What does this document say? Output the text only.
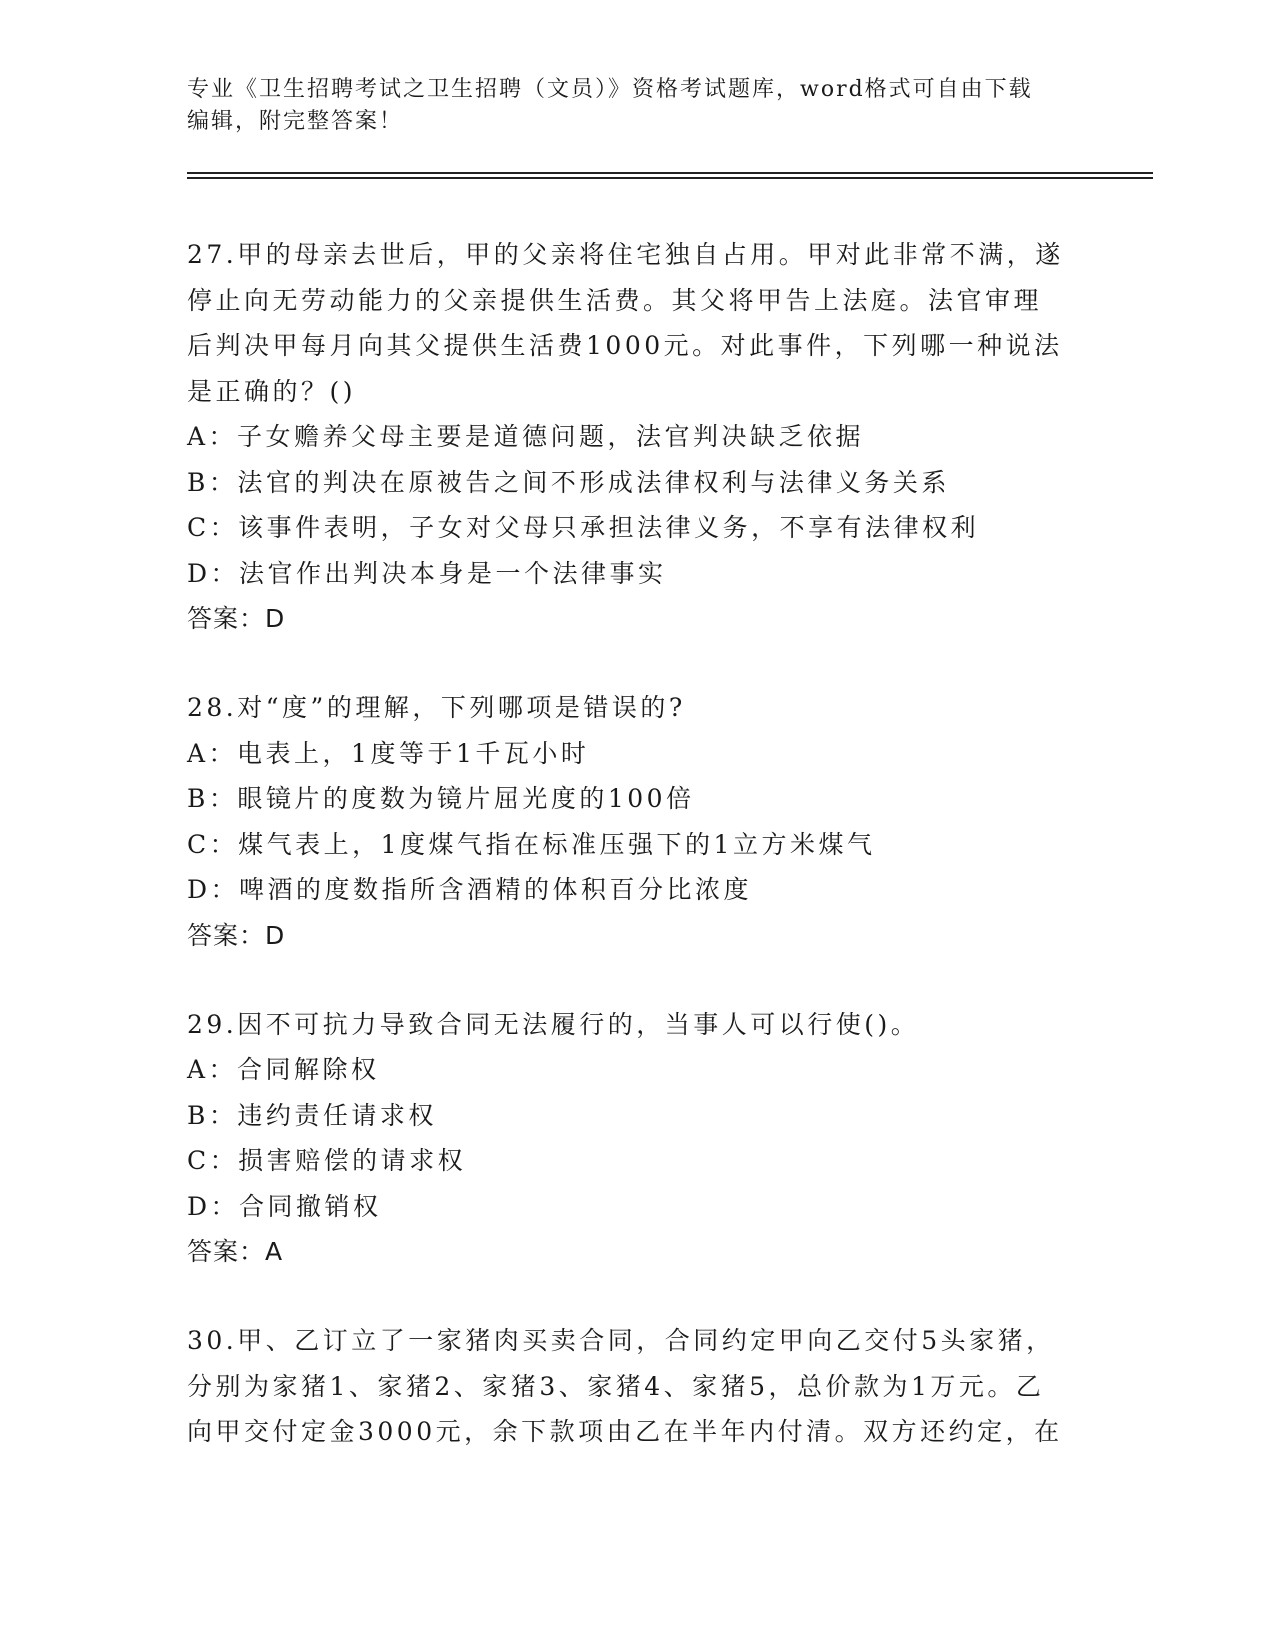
专业《卫生招聘考试之卫生招聘（文员）》资格考试题库，word格式可自由下载
编辑，附完整答案！
27.甲的母亲去世后，甲的父亲将住宅独自占用。甲对此非常不满，遂
停止向无劳动能力的父亲提供生活费。其父将甲告上法庭。法官审理
后判决甲每月向其父提供生活费1000元。对此事件，下列哪一种说法
是正确的？()
A：子女赡养父母主要是道德问题，法官判决缺乏依据
B：法官的判决在原被告之间不形成法律权利与法律义务关系
C：该事件表明，子女对父母只承担法律义务，不享有法律权利
D：法官作出判决本身是一个法律事实
答案：D
28.对“度”的理解，下列哪项是错误的?
A：电表上，1度等于1千瓦小时
B：眼镜片的度数为镜片屈光度的100倍
C：煤气表上，1度煤气指在标准压强下的1立方米煤气
D：啤酒的度数指所含酒精的体积百分比浓度
答案：D
29.因不可抗力导致合同无法履行的，当事人可以行使()。
A：合同解除权
B：违约责任请求权
C：损害赔偿的请求权
D：合同撤销权
答案：A
30.甲、乙订立了一家猪肉买卖合同，合同约定甲向乙交付5头家猪，
分别为家猪1、家猪2、家猪3、家猪4、家猪5，总价款为1万元。乙
向甲交付定金3000元，余下款项由乙在半年内付清。双方还约定，在
